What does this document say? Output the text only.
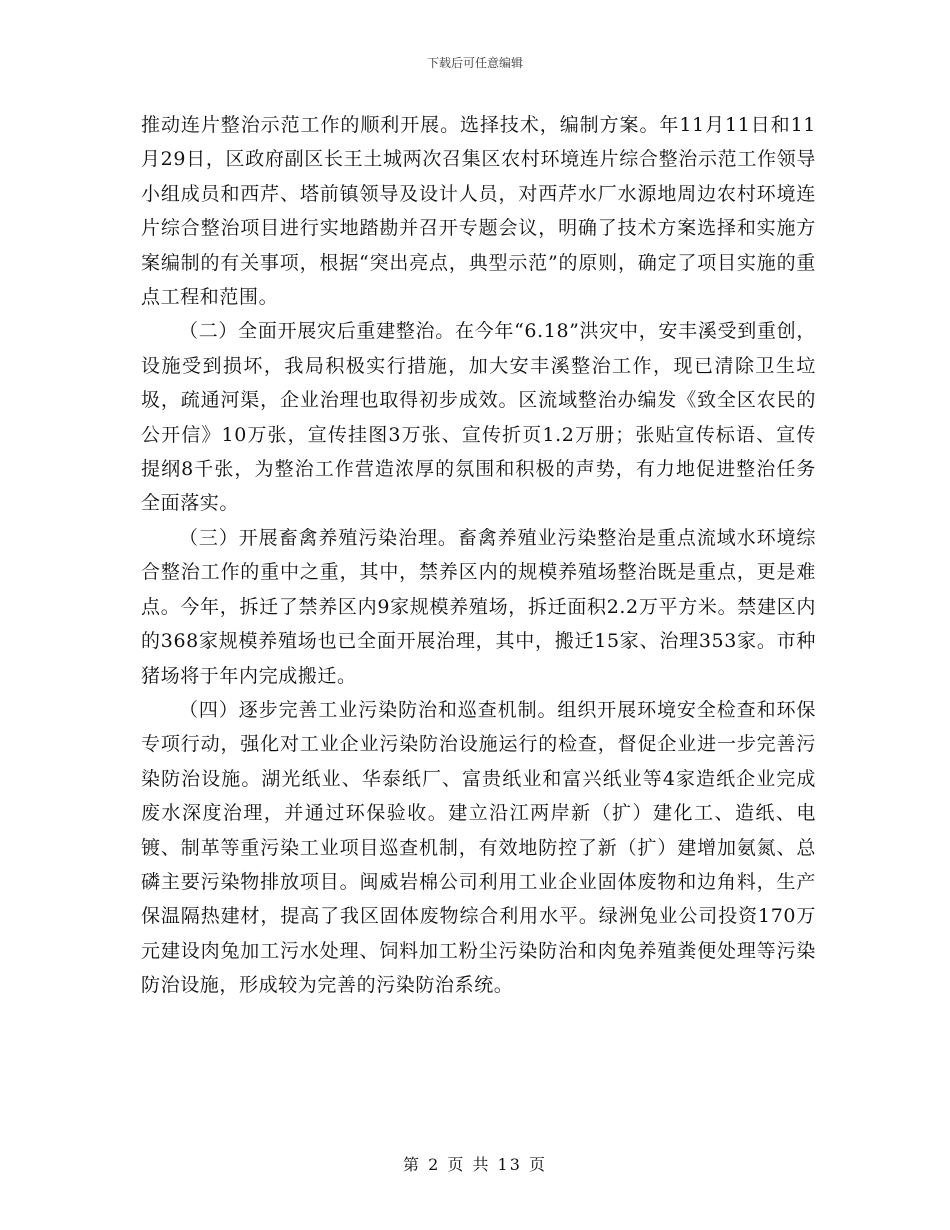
下载后可任意编辑

推动连片整治示范工作的顺利开展。选择技术，编制方案。年11月11日和11月29日，区政府副区长王土城两次召集区农村环境连片综合整治示范工作领导小组成员和西芹、塔前镇领导及设计人员，对西芹水厂水源地周边农村环境连片综合整治项目进行实地踏勘并召开专题会议，明确了技术方案选择和实施方案编制的有关事项，根据“突出亮点，典型示范”的原则，确定了项目实施的重点工程和范围。

（二）全面开展灾后重建整治。在今年“6.18”洪灾中，安丰溪受到重创，设施受到损坏，我局积极实行措施，加大安丰溪整治工作，现已清除卫生垃圾，疏通河渠，企业治理也取得初步成效。区流域整治办编发《致全区农民的公开信》10万张，宣传挂图3万张、宣传折页1.2万册；张贴宣传标语、宣传提纲8千张，为整治工作营造浓厚的氛围和积极的声势，有力地促进整治任务全面落实。

（三）开展畜禽养殖污染治理。畜禽养殖业污染整治是重点流域水环境综合整治工作的重中之重，其中，禁养区内的规模养殖场整治既是重点，更是难点。今年，拆迁了禁养区内9家规模养殖场，拆迁面积2.2万平方米。禁建区内的368家规模养殖场也已全面开展治理，其中，搬迁15家、治理353家。市种猪场将于年内完成搬迁。

（四）逐步完善工业污染防治和巡查机制。组织开展环境安全检查和环保专项行动，强化对工业企业污染防治设施运行的检查，督促企业进一步完善污染防治设施。湖光纸业、华泰纸厂、富贵纸业和富兴纸业等4家造纸企业完成废水深度治理，并通过环保验收。建立沿江两岸新（扩）建化工、造纸、电镀、制革等重污染工业项目巡查机制，有效地防控了新（扩）建增加氨氮、总磷主要污染物排放项目。闽威岩棉公司利用工业企业固体废物和边角料，生产保温隔热建材，提高了我区固体废物综合利用水平。绿洲兔业公司投资170万元建设肉兔加工污水处理、饲料加工粉尘污染防治和肉兔养殖粪便处理等污染防治设施，形成较为完善的污染防治系统。

第 2 页 共 13 页
